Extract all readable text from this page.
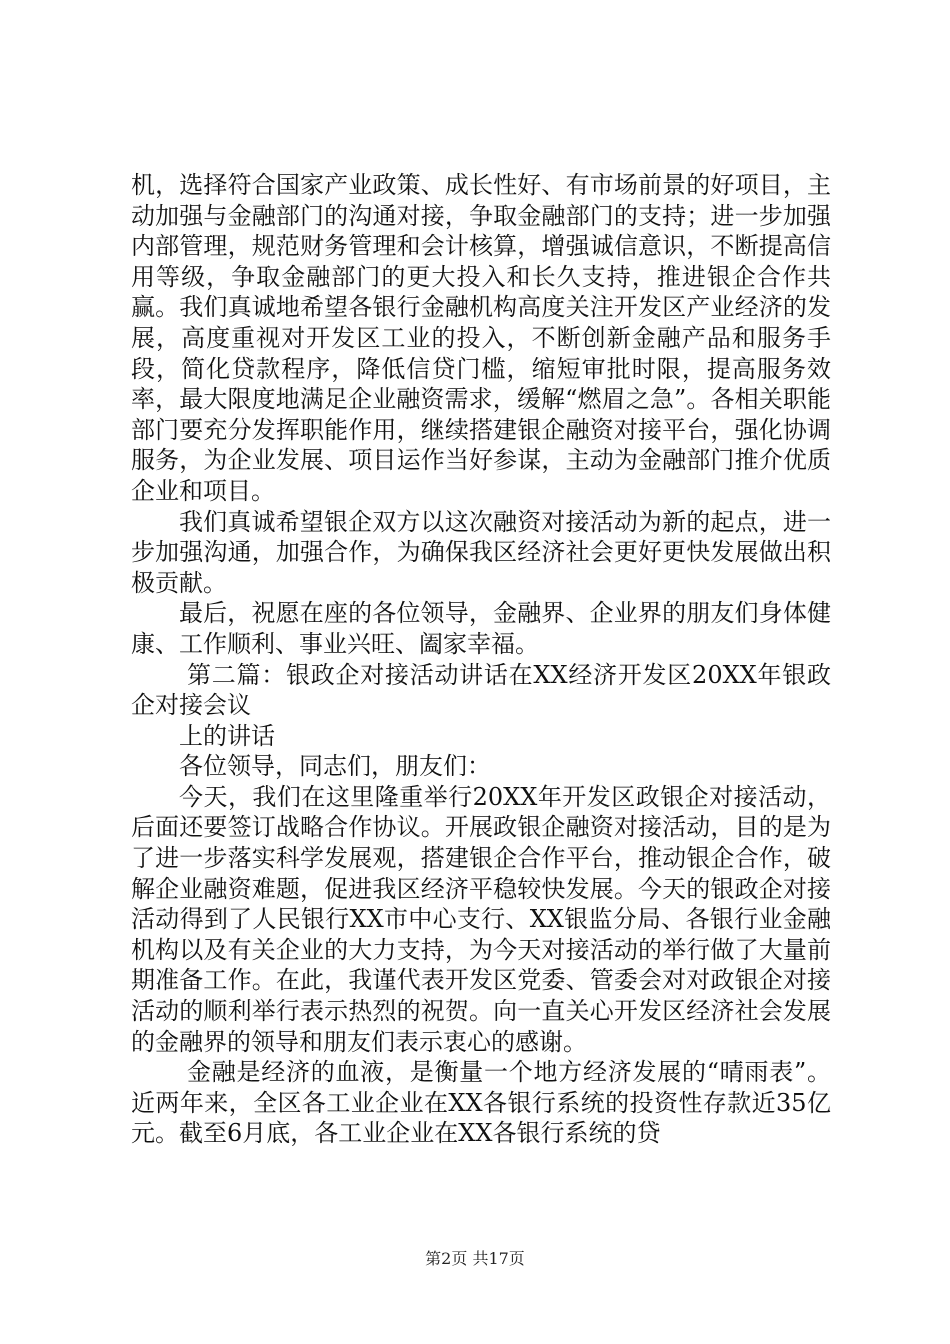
机，选择符合国家产业政策、成长性好、有市场前景的好项目，主动加强与金融部门的沟通对接，争取金融部门的支持；进一步加强内部管理，规范财务管理和会计核算，增强诚信意识，不断提高信用等级，争取金融部门的更大投入和长久支持，推进银企合作共赢。我们真诚地希望各银行金融机构高度关注开发区产业经济的发展，高度重视对开发区工业的投入，不断创新金融产品和服务手段，简化贷款程序，降低信贷门槛，缩短审批时限，提高服务效率，最大限度地满足企业融资需求，缓解“燃眉之急”。各相关职能部门要充分发挥职能作用，继续搭建银企融资对接平台，强化协调服务，为企业发展、项目运作当好参谋，主动为金融部门推介优质企业和项目。

我们真诚希望银企双方以这次融资对接活动为新的起点，进一步加强沟通，加强合作，为确保我区经济社会更好更快发展做出积极贡献。

最后，祝愿在座的各位领导，金融界、企业界的朋友们身体健康、工作顺利、事业兴旺、阖家幸福。

第二篇：银政企对接活动讲话在XX经济开发区20XX年银政企对接会议

上的讲话

各位领导，同志们，朋友们：

今天，我们在这里隆重举行20XX年开发区政银企对接活动，后面还要签订战略合作协议。开展政银企融资对接活动，目的是为了进一步落实科学发展观，搭建银企合作平台，推动银企合作，破解企业融资难题，促进我区经济平稳较快发展。今天的银政企对接活动得到了人民银行XX市中心支行、XX银监分局、各银行业金融机构以及有关企业的大力支持，为今天对接活动的举行做了大量前期准备工作。在此，我谨代表开发区党委、管委会对对政银企对接活动的顺利举行表示热烈的祝贺。向一直关心开发区经济社会发展的金融界的领导和朋友们表示衷心的感谢。

金融是经济的血液，是衡量一个地方经济发展的“晴雨表”。近两年来，全区各工业企业在XX各银行系统的投资性存款近35亿元。截至6月底，各工业企业在XX各银行系统的贷

第2页 共17页
